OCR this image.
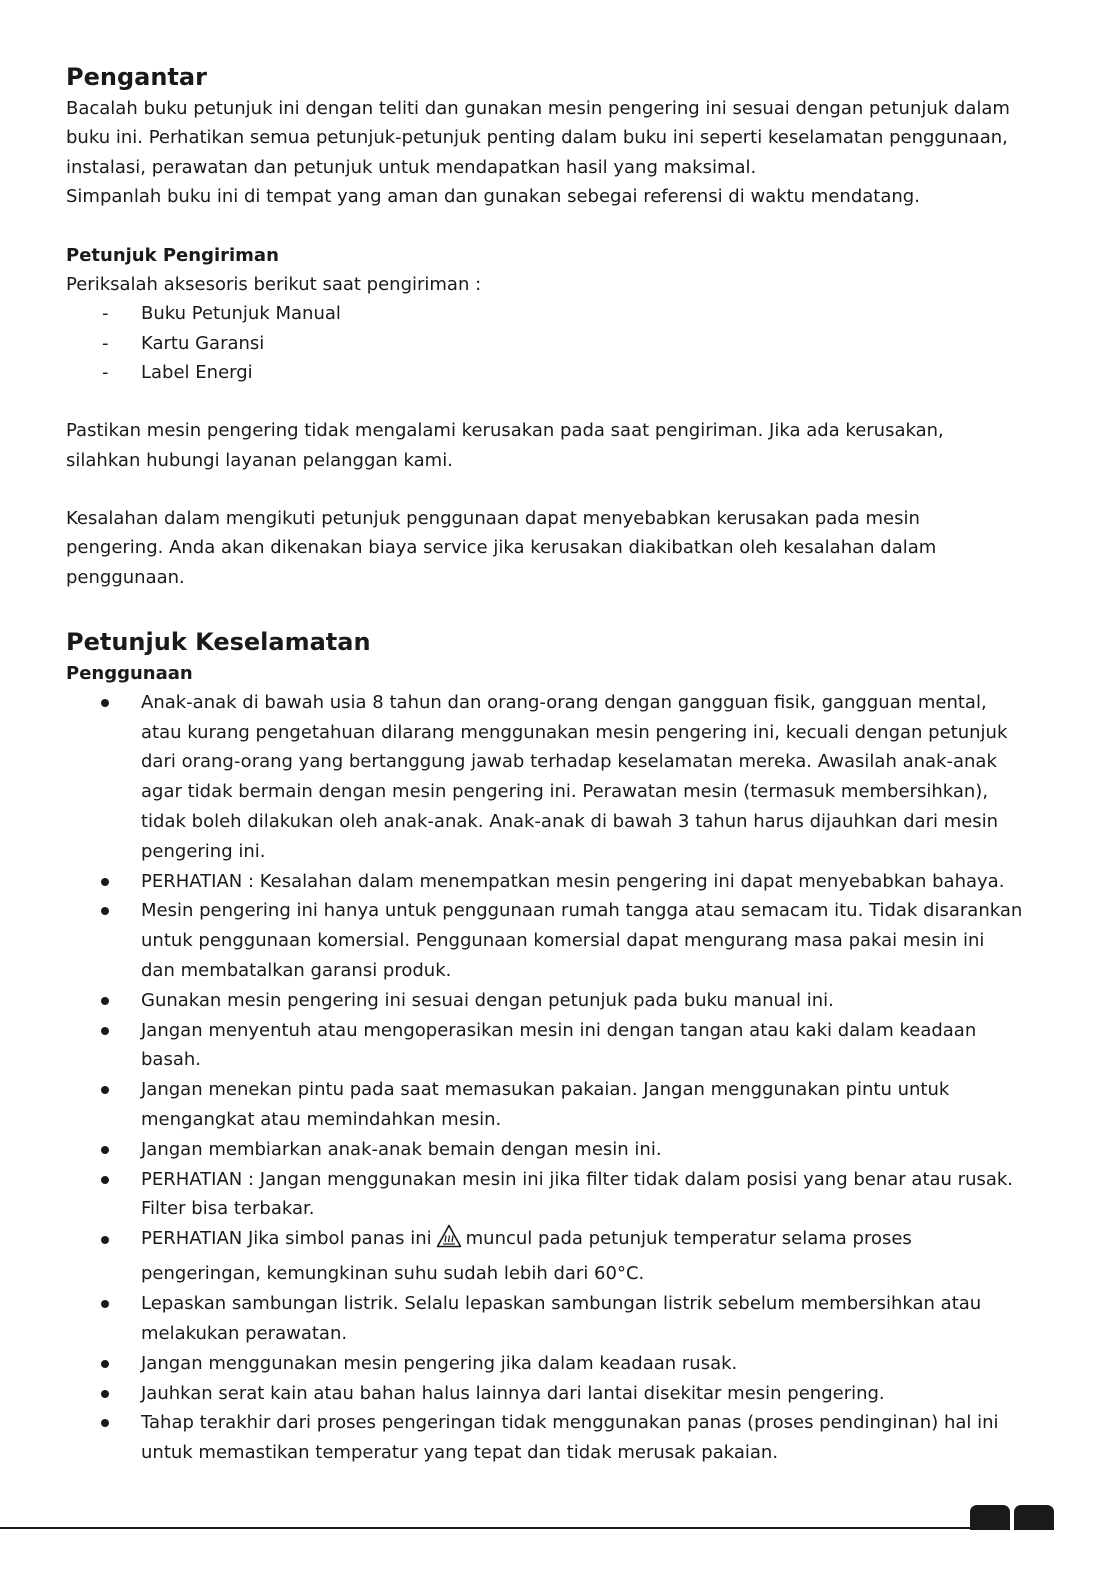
Pengantar
Bacalah buku petunjuk ini dengan teliti dan gunakan mesin pengering ini sesuai dengan petunjuk dalam
buku ini. Perhatikan semua petunjuk-petunjuk penting dalam buku ini seperti keselamatan penggunaan,
instalasi, perawatan dan petunjuk untuk mendapatkan hasil yang maksimal.
Simpanlah buku ini di tempat yang aman dan gunakan sebegai referensi di waktu mendatang.
Petunjuk Pengiriman
Periksalah aksesoris berikut saat pengiriman :
- Buku Petunjuk Manual
- Kartu Garansi
- Label Energi
Pastikan mesin pengering tidak mengalami kerusakan pada saat pengiriman. Jika ada kerusakan,
silahkan hubungi layanan pelanggan kami.
Kesalahan dalam mengikuti petunjuk penggunaan dapat menyebabkan kerusakan pada mesin
pengering. Anda akan dikenakan biaya service jika kerusakan diakibatkan oleh kesalahan dalam
penggunaan.
Petunjuk Keselamatan
Penggunaan
Anak-anak di bawah usia 8 tahun dan orang-orang dengan gangguan fisik, gangguan mental,
atau kurang pengetahuan dilarang menggunakan mesin pengering ini, kecuali dengan petunjuk
dari orang-orang yang bertanggung jawab terhadap keselamatan mereka. Awasilah anak-anak
agar tidak bermain dengan mesin pengering ini. Perawatan mesin (termasuk membersihkan),
tidak boleh dilakukan oleh anak-anak. Anak-anak di bawah 3 tahun harus dijauhkan dari mesin
pengering ini.
PERHATIAN : Kesalahan dalam menempatkan mesin pengering ini dapat menyebabkan bahaya.
Mesin pengering ini hanya untuk penggunaan rumah tangga atau semacam itu. Tidak disarankan
untuk penggunaan komersial. Penggunaan komersial dapat mengurang masa pakai mesin ini
dan membatalkan garansi produk.
Gunakan mesin pengering ini sesuai dengan petunjuk pada buku manual ini.
Jangan menyentuh atau mengoperasikan mesin ini dengan tangan atau kaki dalam keadaan
basah.
Jangan menekan pintu pada saat memasukan pakaian. Jangan menggunakan pintu untuk
mengangkat atau memindahkan mesin.
Jangan membiarkan anak-anak bemain dengan mesin ini.
PERHATIAN : Jangan menggunakan mesin ini jika filter tidak dalam posisi yang benar atau rusak.
Filter bisa terbakar.
PERHATIAN Jika simbol panas ini muncul pada petunjuk temperatur selama proses
pengeringan, kemungkinan suhu sudah lebih dari 60°C.
Lepaskan sambungan listrik. Selalu lepaskan sambungan listrik sebelum membersihkan atau
melakukan perawatan.
Jangan menggunakan mesin pengering jika dalam keadaan rusak.
Jauhkan serat kain atau bahan halus lainnya dari lantai disekitar mesin pengering.
Tahap terakhir dari proses pengeringan tidak menggunakan panas (proses pendinginan) hal ini
untuk memastikan temperatur yang tepat dan tidak merusak pakaian.
